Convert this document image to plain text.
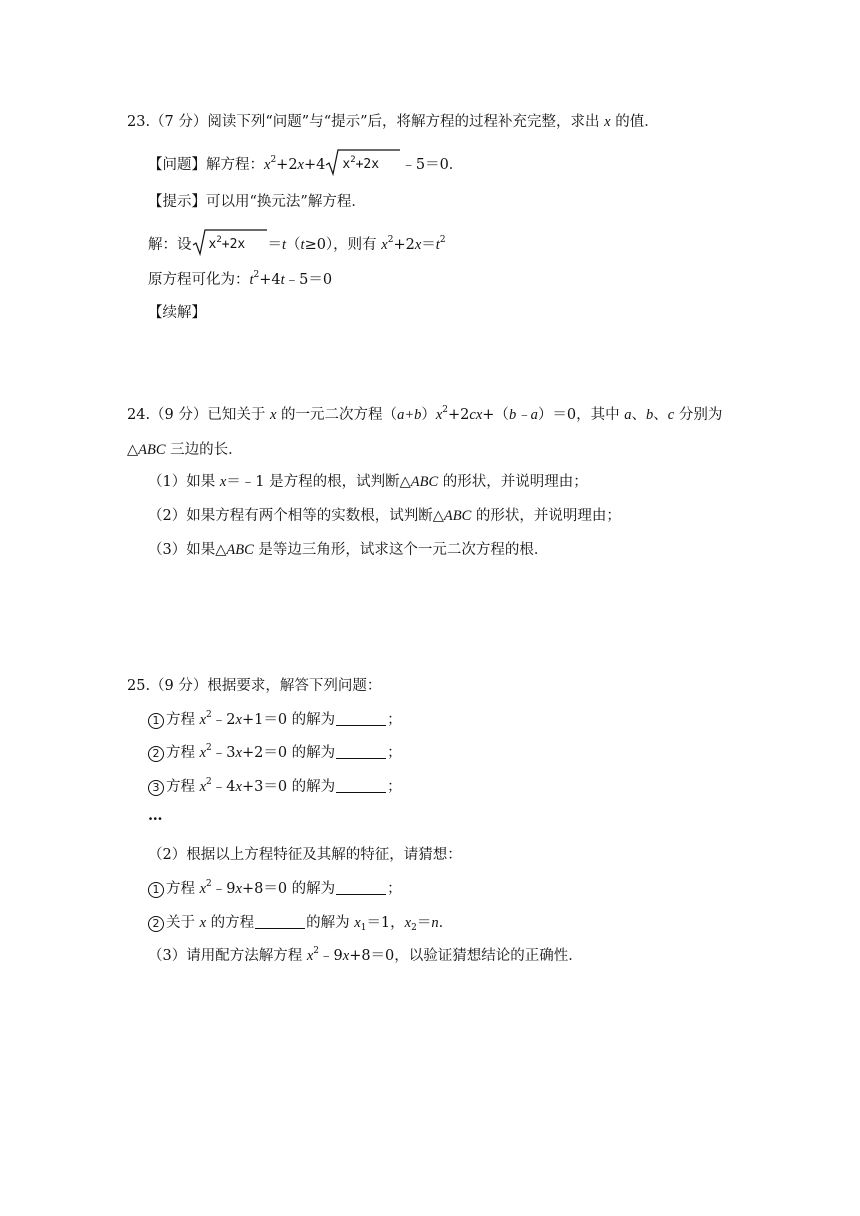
23.（7 分）阅读下列“问题”与“提示”后，将解方程的过程补充完整，求出 x 的值．
【问题】解方程：$x^2+2x+4$ $x^2+2x$ ﹣5＝0．
【提示】可以用“换元法”解方程．
解：设 $x^2+2x =t(t\ge 0)$，则有 $x^2+2x=t^2$
原方程可化为：$t^2+4t﹣5=0$
【续解】
24.（9 分）已知关于 x 的一元二次方程$(a+b)x^2+2cx+(b﹣a)=0$，其中 a、b、c 分别为
△ABC 三边的长．
（1）如果 x＝﹣1 是方程的根，试判断△ABC 的形状，并说明理由；
（2）如果方程有两个相等的实数根，试判断△ABC 的形状，并说明理由；
（3）如果△ABC 是等边三角形，试求这个一元二次方程的根．
25.（9 分）根据要求，解答下列问题：
1 方程 $x^2﹣2x+1=0$ 的解为	；
2 方程 $x^2﹣3x+2=0$ 的解为	；
3 方程 $x^2﹣4x+3=0$ 的解为	；
…
（2）根据以上方程特征及其解的特征，请猜想：
1 方程 $x^2﹣9x+8=0$ 的解为	；
2 关于 x 的方程	的解为 $x_1=1$，$x_2=n$．
（3）请用配方法解方程 $x^2﹣9x+8=0$，以验证猜想结论的正确性．
